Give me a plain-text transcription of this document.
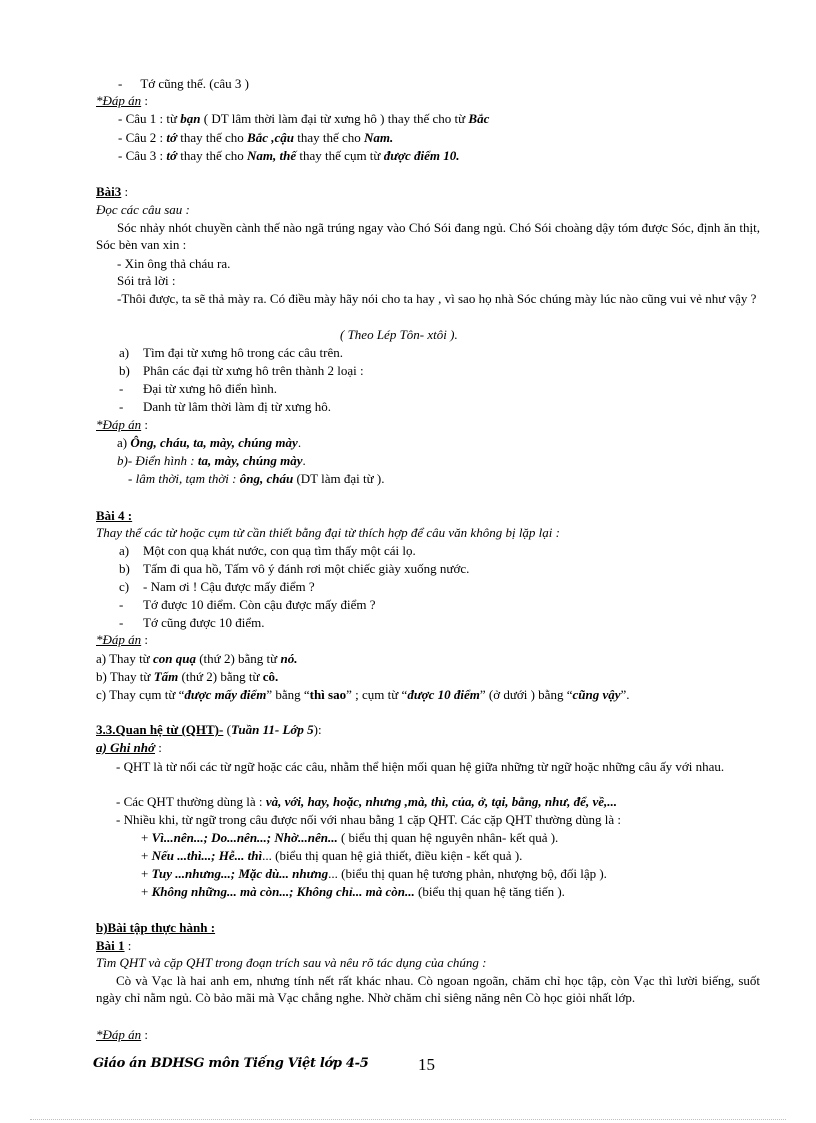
- Tớ cũng thế. (câu 3 )
*Đáp án :
- Câu 1 : từ bạn ( DT lâm thời làm đại từ xưng hô ) thay thế cho từ Bắc
- Câu 2 : tớ thay thế cho Bắc ,cậu thay thế cho Nam.
- Câu 3 : tớ thay thế cho Nam, thế thay thế cụm từ được điểm 10.
Bài3 :
Đọc các câu sau :
Sóc nhảy nhót chuyền cành thế nào ngã trúng ngay vào Chó Sói đang ngủ. Chó Sói choàng dậy tóm được Sóc, định ăn thịt, Sóc bèn van xin :
- Xin ông thả cháu ra.
Sói trả lời :
-Thôi được, ta sẽ thả mày ra. Có điều mày hãy nói cho ta hay , vì sao họ nhà Sóc chúng mày lúc nào cũng vui vẻ như vậy ?
( Theo Lép Tôn- xtôi ).
a) Tìm đại từ xưng hô trong các câu trên.
b) Phân các đại từ xưng hô trên thành 2 loại :
- Đại từ xưng hô điển hình.
- Danh từ lâm thời làm đị từ xưng hô.
*Đáp án :
a) Ông, cháu, ta, mày, chúng mày.
b)- Điển hình : ta, mày, chúng mày.
- lâm thời, tạm thời : ông, cháu (DT làm đại từ ).
Bài 4 :
Thay thế các từ hoặc cụm từ cần thiết bằng đại từ thích hợp để câu văn không bị lặp lại :
a) Một con quạ khát nước, con quạ tìm thấy một cái lọ.
b) Tấm đi qua hồ, Tấm vô ý đánh rơi một chiếc giày xuống nước.
c) - Nam ơi ! Cậu được mấy điểm ?
- Tớ được 10 điểm. Còn cậu được mấy điểm ?
- Tớ cũng được 10 điểm.
*Đáp án :
a) Thay từ con quạ (thứ 2) bằng từ nó.
b) Thay từ Tấm (thứ 2) bằng từ cô.
c) Thay cụm từ “được mấy điểm” bằng “thì sao” ; cụm từ “được 10 điểm” (ở dưới ) bằng “cũng vậy”.
3.3.Quan hệ từ (QHT)- (Tuần 11- Lớp 5):
a) Ghi nhớ :
- QHT là từ nối các từ ngữ hoặc các câu, nhằm thể hiện mối quan hệ giữa những từ ngữ hoặc những câu ấy với nhau.
- Các QHT thường dùng là : và, với, hay, hoặc, nhưng ,mà, thì, của, ở, tại, bằng, như, để, về,...
- Nhiều khi, từ ngữ trong câu được nối với nhau bằng 1 cặp QHT. Các cặp QHT thường dùng là :
+ Vì...nên...; Do...nên...; Nhờ...nên... ( biểu thị quan hệ nguyên nhân- kết quả ).
+ Nếu ...thì...; Hễ... thì... (biểu thị quan hệ giả thiết, điều kiện - kết quả ).
+ Tuy ...nhưng...; Mặc dù... nhưng... (biểu thị quan hệ tương phản, nhượng bộ, đối lập ).
+ Không những... mà còn...; Không chỉ... mà còn... (biểu thị quan hệ tăng tiến ).
b)Bài tập thực hành :
Bài 1 :
Tìm QHT và cặp QHT trong đoạn trích sau và nêu rõ tác dụng của chúng :
Cò và Vạc là hai anh em, nhưng tính nết rất khác nhau. Cò ngoan ngoãn, chăm chỉ học tập, còn Vạc thì lười biếng, suốt ngày chỉ nằm ngủ. Cò bảo mãi mà Vạc chẳng nghe. Nhờ chăm chỉ siêng năng nên Cò học giỏi nhất lớp.
*Đáp án :
Giáo án BDHSG môn Tiếng Việt lớp 4-5	15
